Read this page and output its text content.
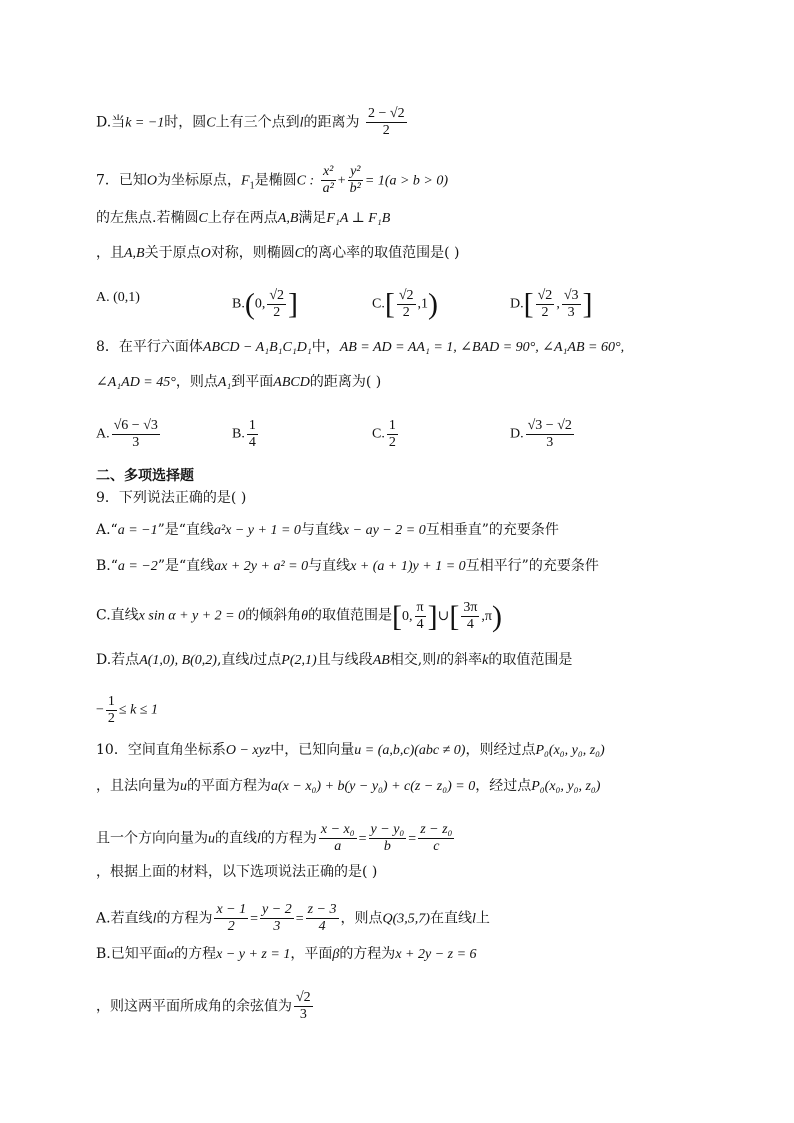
D.当k = −1时，圆C上有三个点到l的距离为 $\frac{2 - √2}{2}$
7．已知O为坐标原点，$F_1$是椭圆C : $\frac{\text{x²}}{\text{a²}} + \frac{\text{y²}}{\text{b²}} = 1(a > b > 0)$
的左焦点.若椭圆C上存在两点A,B满足F₁A ⊥ F₁B
，且A,B关于原点O对称，则椭圆C的离心率的取值范围是( )
A. (0,1)	B.(0, $\frac{√2}{2}$ ]	$C.[ \frac{√2}{2} ,1)$	$D.[ \frac{√2}{2}$ , $\frac{√3}{3}$ ]
8．在平行六面体ABCD − A₁B₁C₁D₁中，AB = AD = AA₁ = 1, ∠BAD = 90°, ∠A₁AB = 60°,
∠A₁AD = 45°，则点A₁到平面ABCD的距离为( )
A. $\frac{√6 - √3}{3}$	B. $\frac{1}{4}$	C. $\frac{1}{2}$	D. $\frac{√3 - √2}{3}$
二、多项选择题
9．下列说法正确的是( )
A.“a = −1”是“直线a²x − y + 1 = 0与直线x − ay − 2 = 0互相垂直”的充要条件
B.“a = −2”是“直线ax + 2y + a² = 0与直线x + (a + 1)y + 1 = 0互相平行”的充要条件
C.直线x sin α + y + 2 = 0的倾斜角θ的取值范围是[0, $\frac{\pi}{4}$ ]∪[ $\frac{3\pi}{4} ,\pi$)
D.若点A(1,0), B(0,2),直线l过点P(2,1)且与线段AB相交,则l的斜率k的取值范围是
− $\frac{1}{2} \le k \le 1$
10．空间直角坐标系O − xyz中，已知向量u = (a,b,c)(abc ≠ 0)，则经过点P₀(x₀, y₀, z₀)
，且法向量为u的平面方程为a(x − x₀) + b(y − y₀) + c(z − z₀) = 0，经过点P₀(x₀, y₀, z₀)
且一个方向向量为u的直线l的方程为 $\frac{\text{x − x₀}}{a} = \frac{\text{y − y₀}}{b} = \frac{\text{z − z₀}}{c}$
，根据上面的材料，以下选项说法正确的是( )
A.若直线l的方程为 $\frac{x - 1}{2} = \frac{y - 2}{3} = \frac{z - 3}{4}$ ，则点Q(3,5,7)在直线l上
B.已知平面α的方程x − y + z = 1，平面β的方程为x + 2y − z = 6
，则这两平面所成角的余弦值为 $\frac{√2}{3}$
